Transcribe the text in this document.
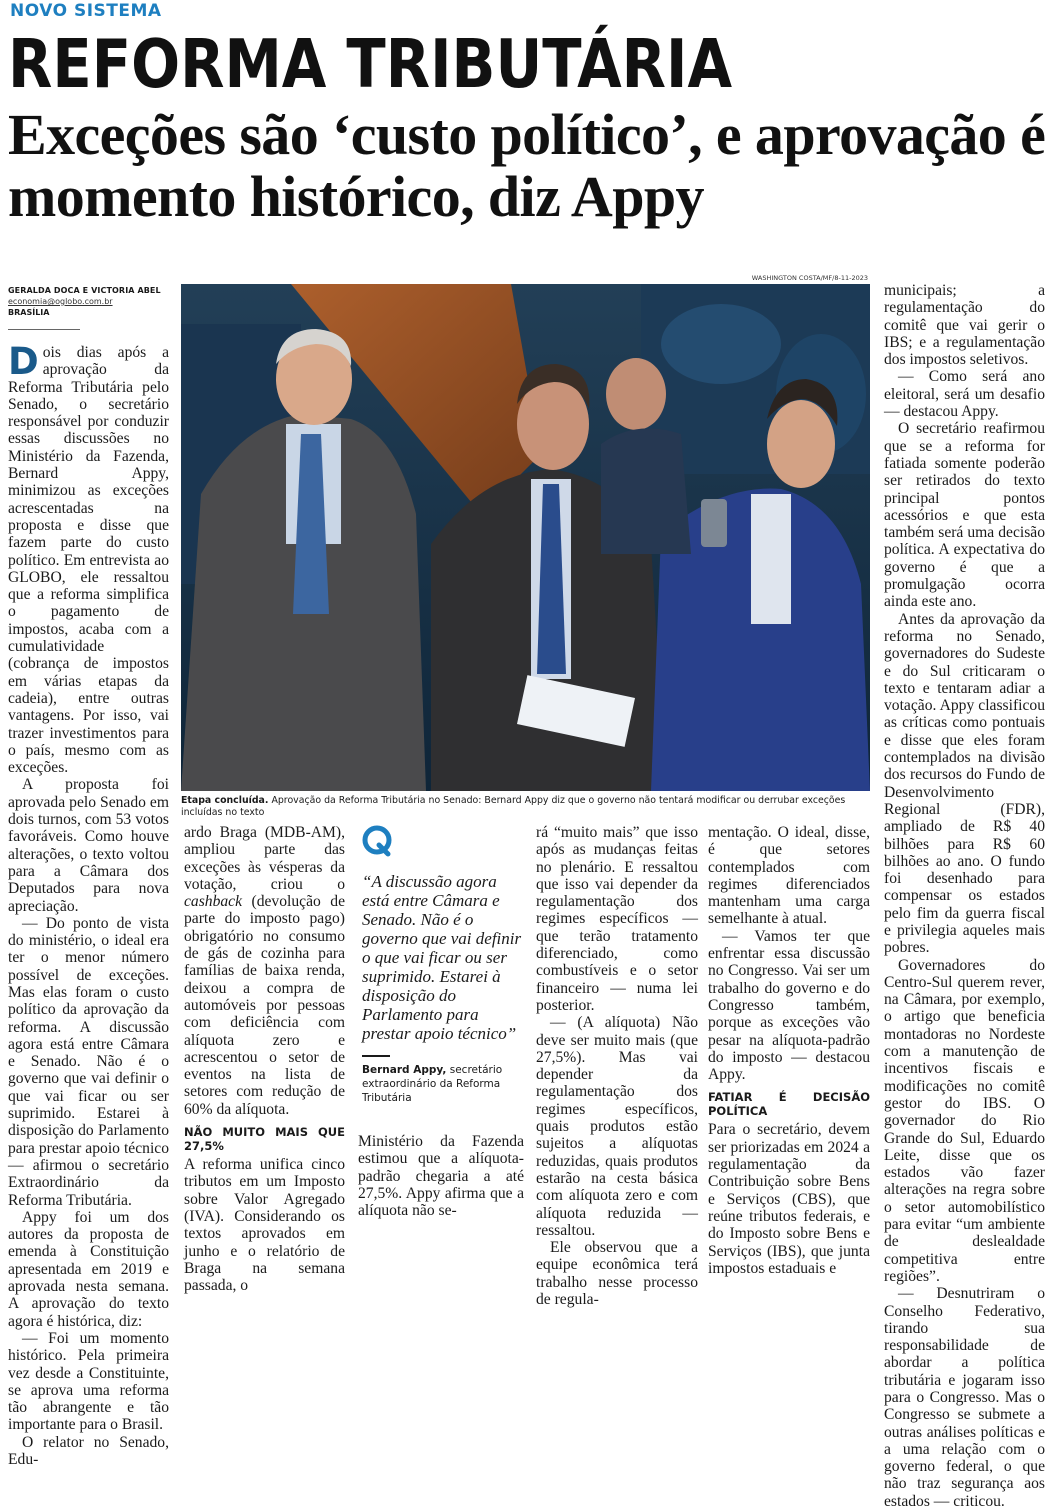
NOVO SISTEMA
REFORMA TRIBUTÁRIA
Exceções são ‘custo político’, e aprovação é momento histórico, diz Appy
GERALDA DOCA E VICTORIA ABEL
economia@oglobo.com.br
BRASÍLIA
WASHINGTON COSTA/MF/8-11-2023

Dois dias após a aprovação da Reforma Tributária pelo Senado, o secretário responsável por conduzir essas discussões no Ministério da Fazenda, Bernard Appy, minimizou as exceções acrescentadas na proposta e disse que fazem parte do custo político. Em entrevista ao GLOBO, ele ressaltou que a reforma simplifica o pagamento de impostos, acaba com a cumulatividade (cobrança de impostos em várias etapas da cadeia), entre outras vantagens. Por isso, vai trazer investimentos para o país, mesmo com as exceções.

A proposta foi aprovada pelo Senado em dois turnos, com 53 votos favoráveis. Como houve alterações, o texto voltou para a Câmara dos Deputados para nova apreciação.

— Do ponto de vista do ministério, o ideal era ter o menor número possível de exceções. Mas elas foram o custo político da aprovação da reforma. A discussão agora está entre Câmara e Senado. Não é o governo que vai definir o que vai ficar ou ser suprimido. Estarei à disposição do Parlamento para prestar apoio técnico — afirmou o secretário Extraordinário da Reforma Tributária.

Appy foi um dos autores da proposta de emenda à Constituição apresentada em 2019 e aprovada nesta semana. A aprovação do texto agora é histórica, diz:

— Foi um momento histórico. Pela primeira vez desde a Constituinte, se aprova uma reforma tão abrangente e tão importante para o Brasil.

O relator no Senado, Edu-

Etapa concluída. Aprovação da Reforma Tributária no Senado: Bernard Appy diz que o governo não tentará modificar ou derrubar exceções incluídas no texto

ardo Braga (MDB-AM), ampliou parte das exceções às vésperas da votação, criou o cashback (devolução de parte do imposto pago) obrigatório no consumo de gás de cozinha para famílias de baixa renda, deixou a compra de automóveis por pessoas com deficiência com alíquota zero e acrescentou o setor de eventos na lista de setores com redução de 60% da alíquota.

NÃO MUITO MAIS QUE 27,5%

A reforma unifica cinco tributos em um Imposto sobre Valor Agregado (IVA). Considerando os textos aprovados em junho e o relatório de Braga na semana passada, o

“A discussão agora está entre Câmara e Senado. Não é o governo que vai definir o que vai ficar ou ser suprimido. Estarei à disposição do Parlamento para prestar apoio técnico”
Bernard Appy, secretário extraordinário da Reforma Tributária

Ministério da Fazenda estimou que a alíquota-padrão chegaria a até 27,5%. Appy afirma que a alíquota não se-

rá “muito mais” que isso após as mudanças feitas no plenário. E ressaltou que isso vai depender da regulamentação dos regimes específicos — que terão tratamento diferenciado, como combustíveis e o setor financeiro — numa lei posterior.

— (A alíquota) Não deve ser muito mais (que 27,5%). Mas vai depender da regulamentação dos regimes específicos, quais produtos estão sujeitos a alíquotas reduzidas, quais produtos estarão na cesta básica com alíquota zero e com alíquota reduzida — ressaltou.

Ele observou que a equipe econômica terá trabalho nesse processo de regula-

mentação. O ideal, disse, é que setores contemplados com regimes diferenciados mantenham uma carga semelhante à atual.

— Vamos ter que enfrentar essa discussão no Congresso. Vai ser um trabalho do governo e do Congresso também, porque as exceções vão pesar na alíquota-padrão do imposto — destacou Appy.

FATIAR É DECISÃO POLÍTICA

Para o secretário, devem ser priorizadas em 2024 a regulamentação da Contribuição sobre Bens e Serviços (CBS), que reúne tributos federais, e do Imposto sobre Bens e Serviços (IBS), que junta impostos estaduais e

municipais; a regulamentação do comitê que vai gerir o IBS; e a regulamentação dos impostos seletivos.

— Como será ano eleitoral, será um desafio — destacou Appy.

O secretário reafirmou que se a reforma for fatiada somente poderão ser retirados do texto principal pontos acessórios e que esta também será uma decisão política. A expectativa do governo é que a promulgação ocorra ainda este ano.

Antes da aprovação da reforma no Senado, governadores do Sudeste e do Sul criticaram o texto e tentaram adiar a votação. Appy classificou as críticas como pontuais e disse que eles foram contemplados na divisão dos recursos do Fundo de Desenvolvimento Regional (FDR), ampliado de R$ 40 bilhões para R$ 60 bilhões ao ano. O fundo foi desenhado para compensar os estados pelo fim da guerra fiscal e privilegia aqueles mais pobres.

Governadores do Centro-Sul querem rever, na Câmara, por exemplo, o artigo que beneficia montadoras no Nordeste com a manutenção de incentivos fiscais e modificações no comitê gestor do IBS. O governador do Rio Grande do Sul, Eduardo Leite, disse que os estados vão fazer alterações na regra sobre o setor automobilístico para evitar “um ambiente de deslealdade competitiva entre regiões”.

— Desnutriram o Conselho Federativo, tirando sua responsabilidade de abordar a política tributária e jogaram isso para o Congresso. Mas o Congresso se submete a outras análises políticas e a uma relação com o governo federal, o que não traz segurança aos estados — criticou.
